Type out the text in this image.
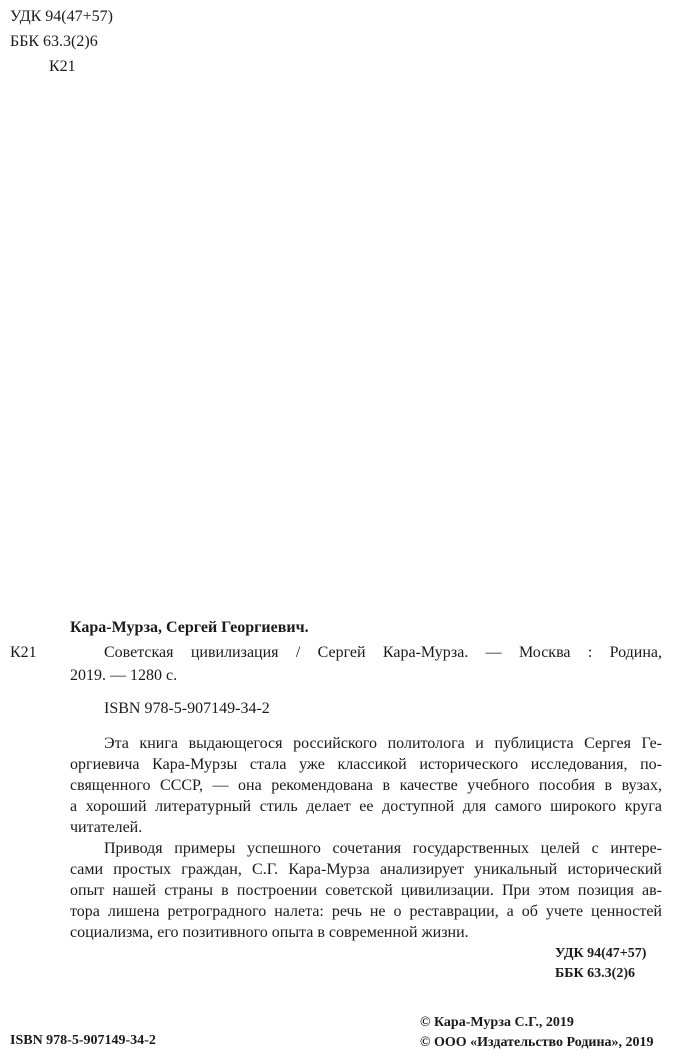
УДК 94(47+57)
ББК 63.3(2)6
К21
Кара-Мурза, Сергей Георгиевич.
К21	Советская цивилизация / Сергей Кара-Мурза. — Москва : Родина,
2019. — 1280 с.
ISBN 978-5-907149-34-2
Эта книга выдающегося российского политолога и публициста Сергея Ге-
оргиевича Кара-Мурзы стала уже классикой исторического исследования, по-
священного СССР, — она рекомендована в качестве учебного пособия в вузах,
а хороший литературный стиль делает ее доступной для самого широкого круга
читателей.
Приводя примеры успешного сочетания государственных целей с интере-
сами простых граждан, С.Г. Кара-Мурза анализирует уникальный исторический
опыт нашей страны в построении советской цивилизации. При этом позиция ав-
тора лишена ретроградного налета: речь не о реставрации, а об учете ценностей
социализма, его позитивного опыта в современной жизни.
УДК 94(47+57)
ББК 63.3(2)6
ISBN 978-5-907149-34-2
© Кара-Мурза С.Г., 2019
© ООО «Издательство Родина», 2019
